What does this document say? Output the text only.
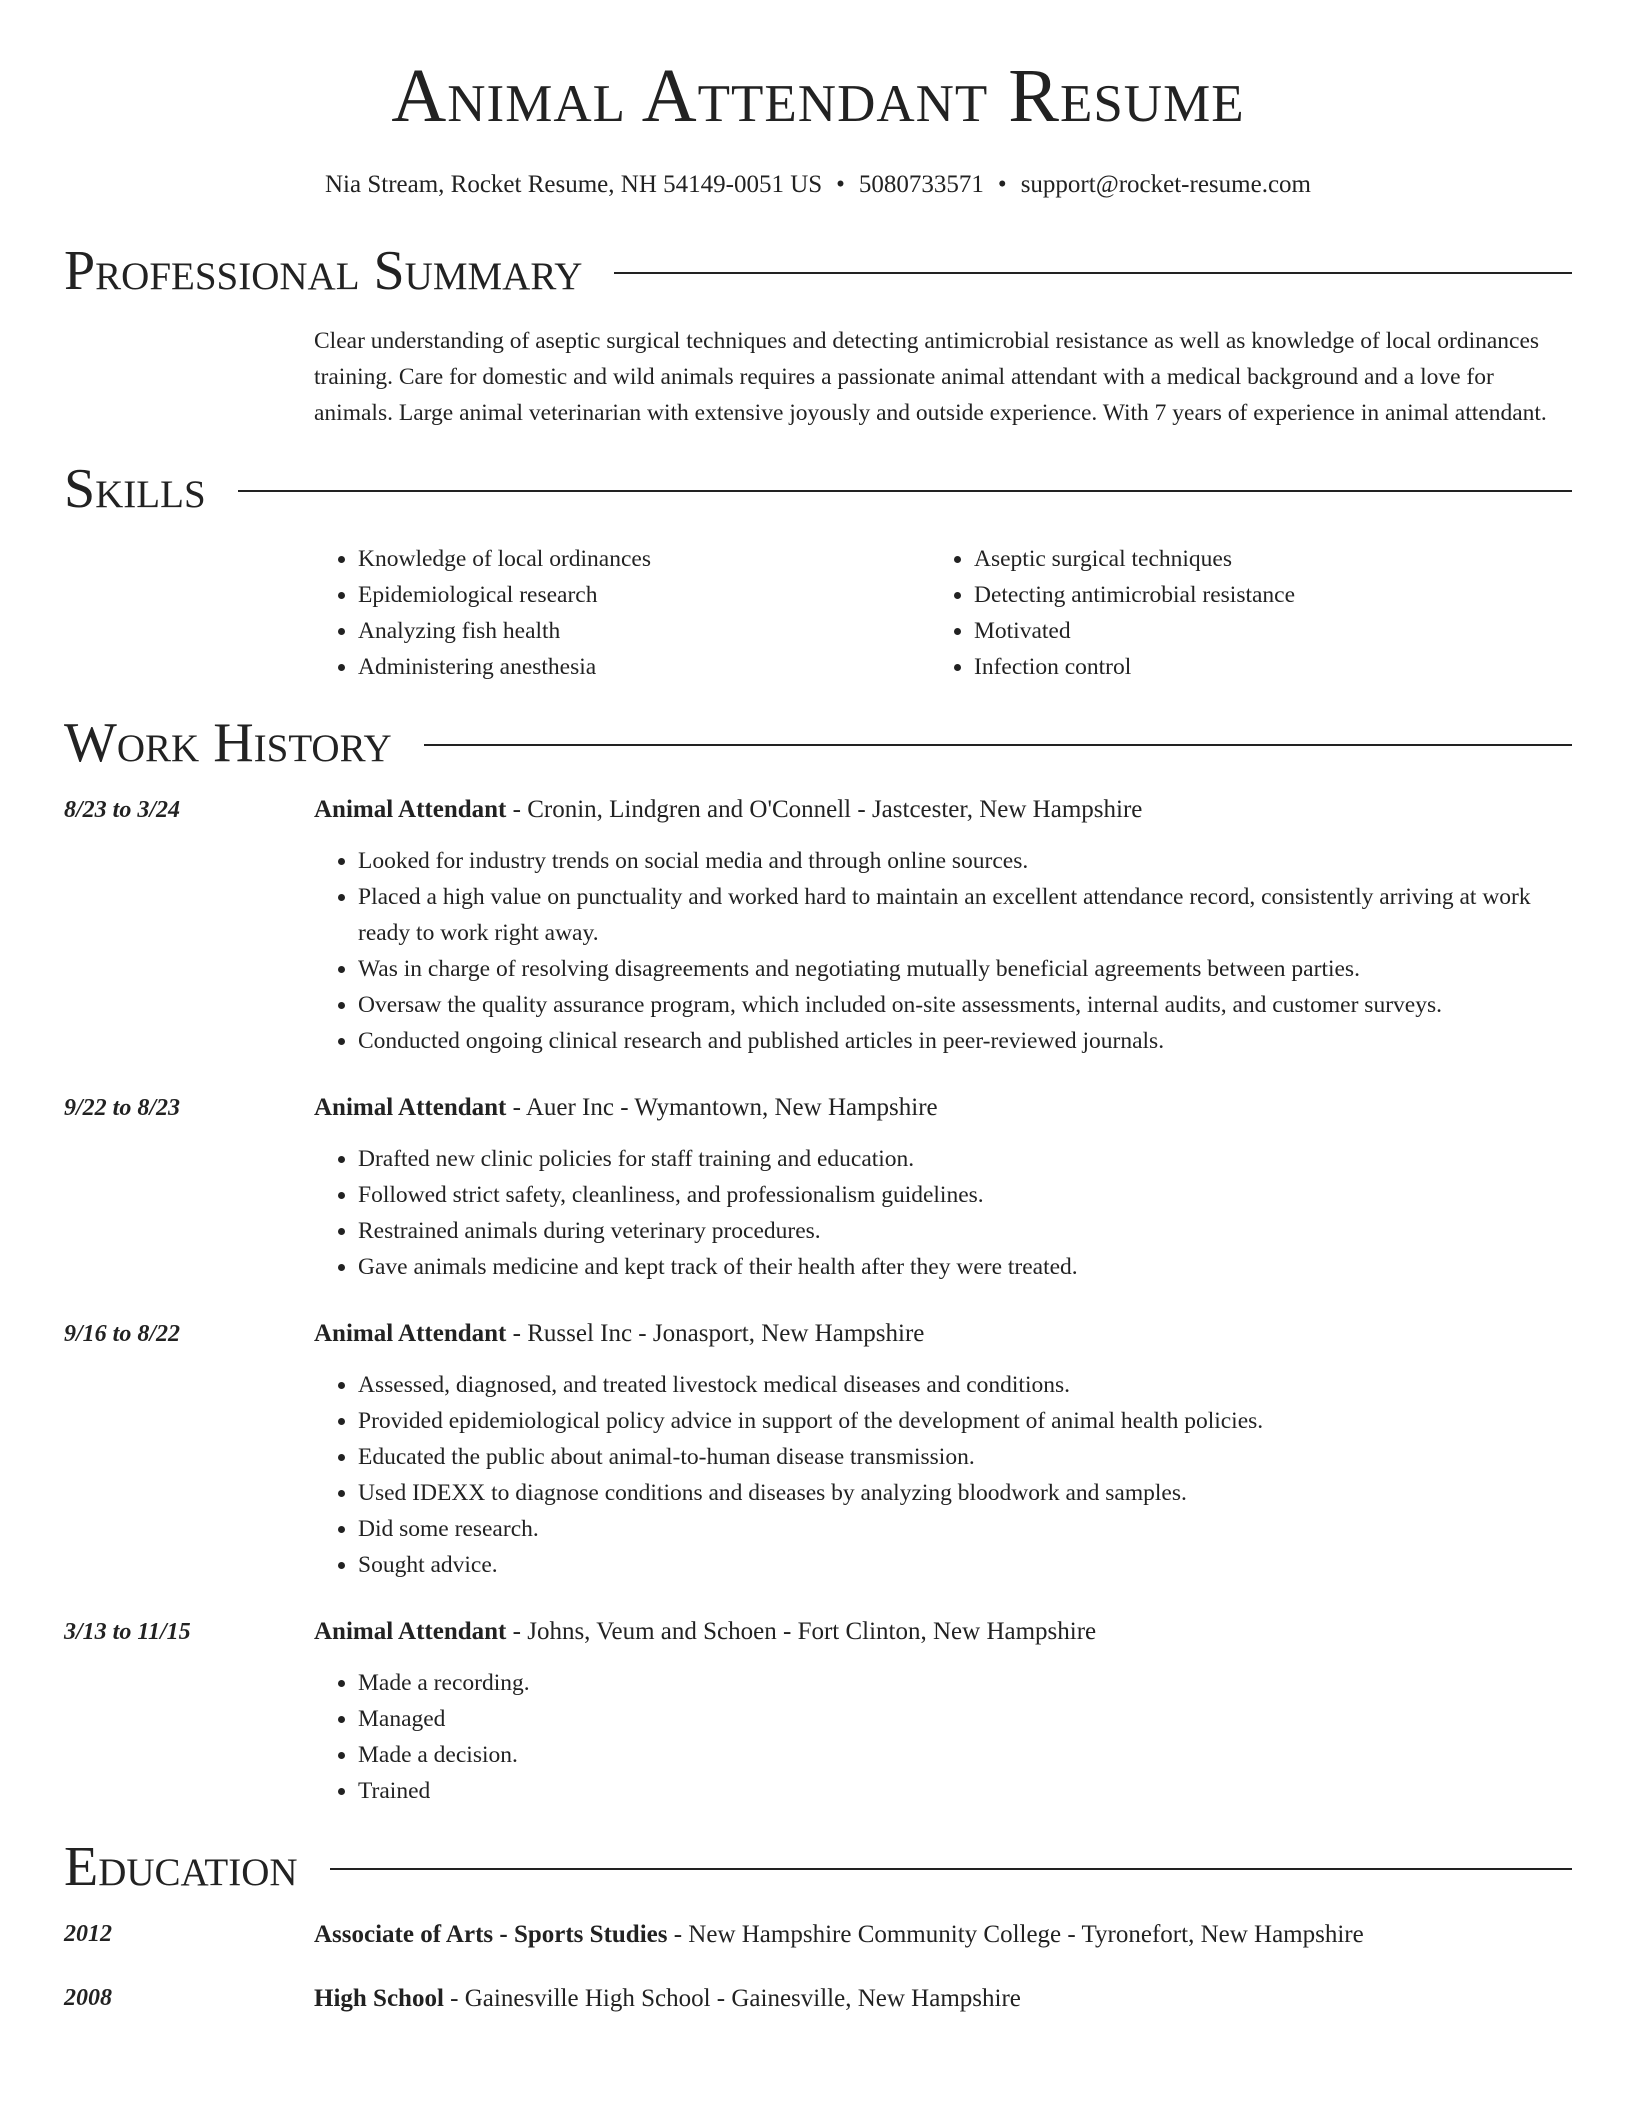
Animal Attendant Resume
Nia Stream, Rocket Resume, NH 54149-0051 US • 5080733571 • support@rocket-resume.com
Professional Summary
Clear understanding of aseptic surgical techniques and detecting antimicrobial resistance as well as knowledge of local ordinances training. Care for domestic and wild animals requires a passionate animal attendant with a medical background and a love for animals. Large animal veterinarian with extensive joyously and outside experience. With 7 years of experience in animal attendant.
Skills
• Knowledge of local ordinances
• Epidemiological research
• Analyzing fish health
• Administering anesthesia
• Aseptic surgical techniques
• Detecting antimicrobial resistance
• Motivated
• Infection control
Work History
8/23 to 3/24	Animal Attendant - Cronin, Lindgren and O'Connell - Jastcester, New Hampshire
• Looked for industry trends on social media and through online sources.
• Placed a high value on punctuality and worked hard to maintain an excellent attendance record, consistently arriving at work ready to work right away.
• Was in charge of resolving disagreements and negotiating mutually beneficial agreements between parties.
• Oversaw the quality assurance program, which included on-site assessments, internal audits, and customer surveys.
• Conducted ongoing clinical research and published articles in peer-reviewed journals.
9/22 to 8/23	Animal Attendant - Auer Inc - Wymantown, New Hampshire
• Drafted new clinic policies for staff training and education.
• Followed strict safety, cleanliness, and professionalism guidelines.
• Restrained animals during veterinary procedures.
• Gave animals medicine and kept track of their health after they were treated.
9/16 to 8/22	Animal Attendant - Russel Inc - Jonasport, New Hampshire
• Assessed, diagnosed, and treated livestock medical diseases and conditions.
• Provided epidemiological policy advice in support of the development of animal health policies.
• Educated the public about animal-to-human disease transmission.
• Used IDEXX to diagnose conditions and diseases by analyzing bloodwork and samples.
• Did some research.
• Sought advice.
3/13 to 11/15	Animal Attendant - Johns, Veum and Schoen - Fort Clinton, New Hampshire
• Made a recording.
• Managed
• Made a decision.
• Trained
Education
2012	Associate of Arts - Sports Studies - New Hampshire Community College - Tyronefort, New Hampshire
2008	High School - Gainesville High School - Gainesville, New Hampshire
